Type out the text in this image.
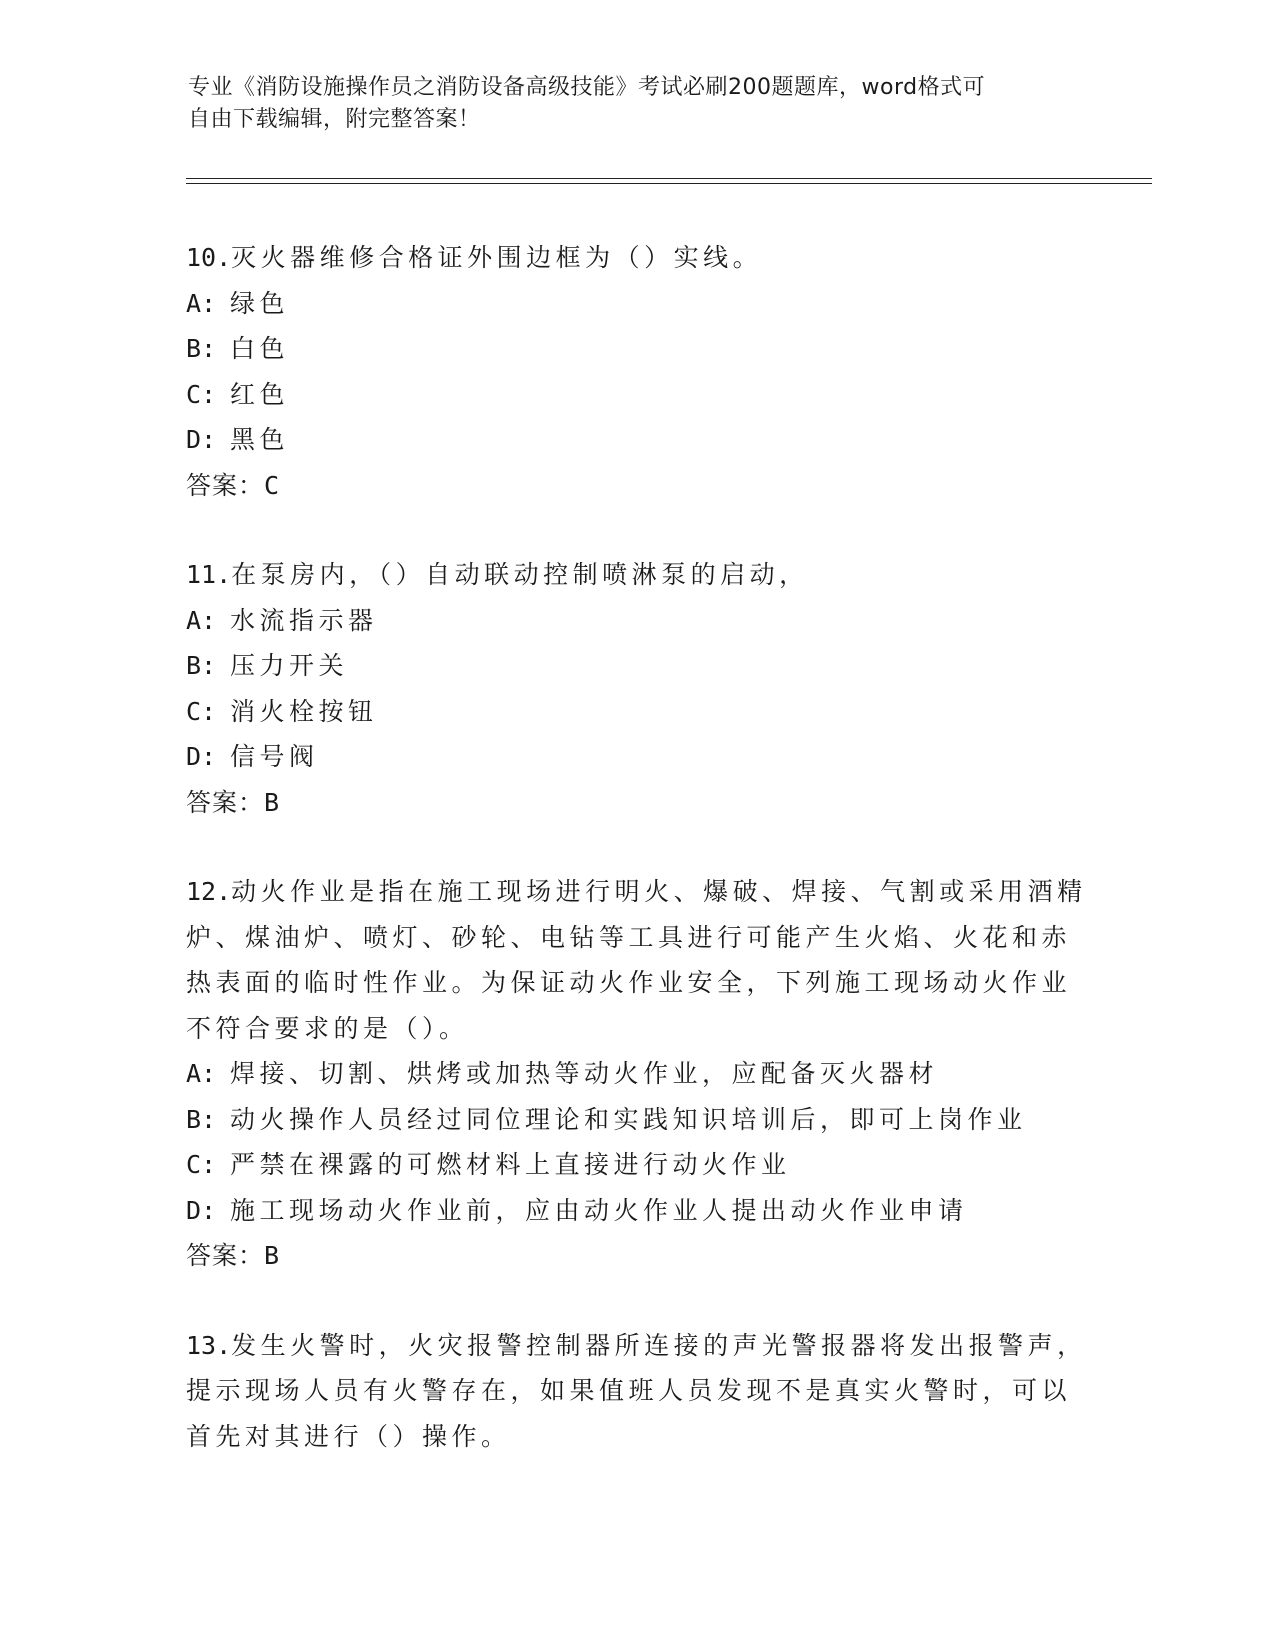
专业《消防设施操作员之消防设备高级技能》考试必刷200题题库，word格式可
自由下载编辑，附完整答案！
10.灭火器维修合格证外围边框为（）实线。
A: 绿色
B: 白色
C: 红色
D: 黑色
答案：C
11.在泵房内，（）自动联动控制喷淋泵的启动，
A: 水流指示器
B: 压力开关
C: 消火栓按钮
D: 信号阀
答案：B
12.动火作业是指在施工现场进行明火、爆破、焊接、气割或采用酒精
炉、煤油炉、喷灯、砂轮、电钻等工具进行可能产生火焰、火花和赤
热表面的临时性作业。为保证动火作业安全，下列施工现场动火作业
不符合要求的是（）。
A: 焊接、切割、烘烤或加热等动火作业，应配备灭火器材
B: 动火操作人员经过同位理论和实践知识培训后，即可上岗作业
C: 严禁在裸露的可燃材料上直接进行动火作业
D: 施工现场动火作业前，应由动火作业人提出动火作业申请
答案：B
13.发生火警时，火灾报警控制器所连接的声光警报器将发出报警声，
提示现场人员有火警存在，如果值班人员发现不是真实火警时，可以
首先对其进行（）操作。
